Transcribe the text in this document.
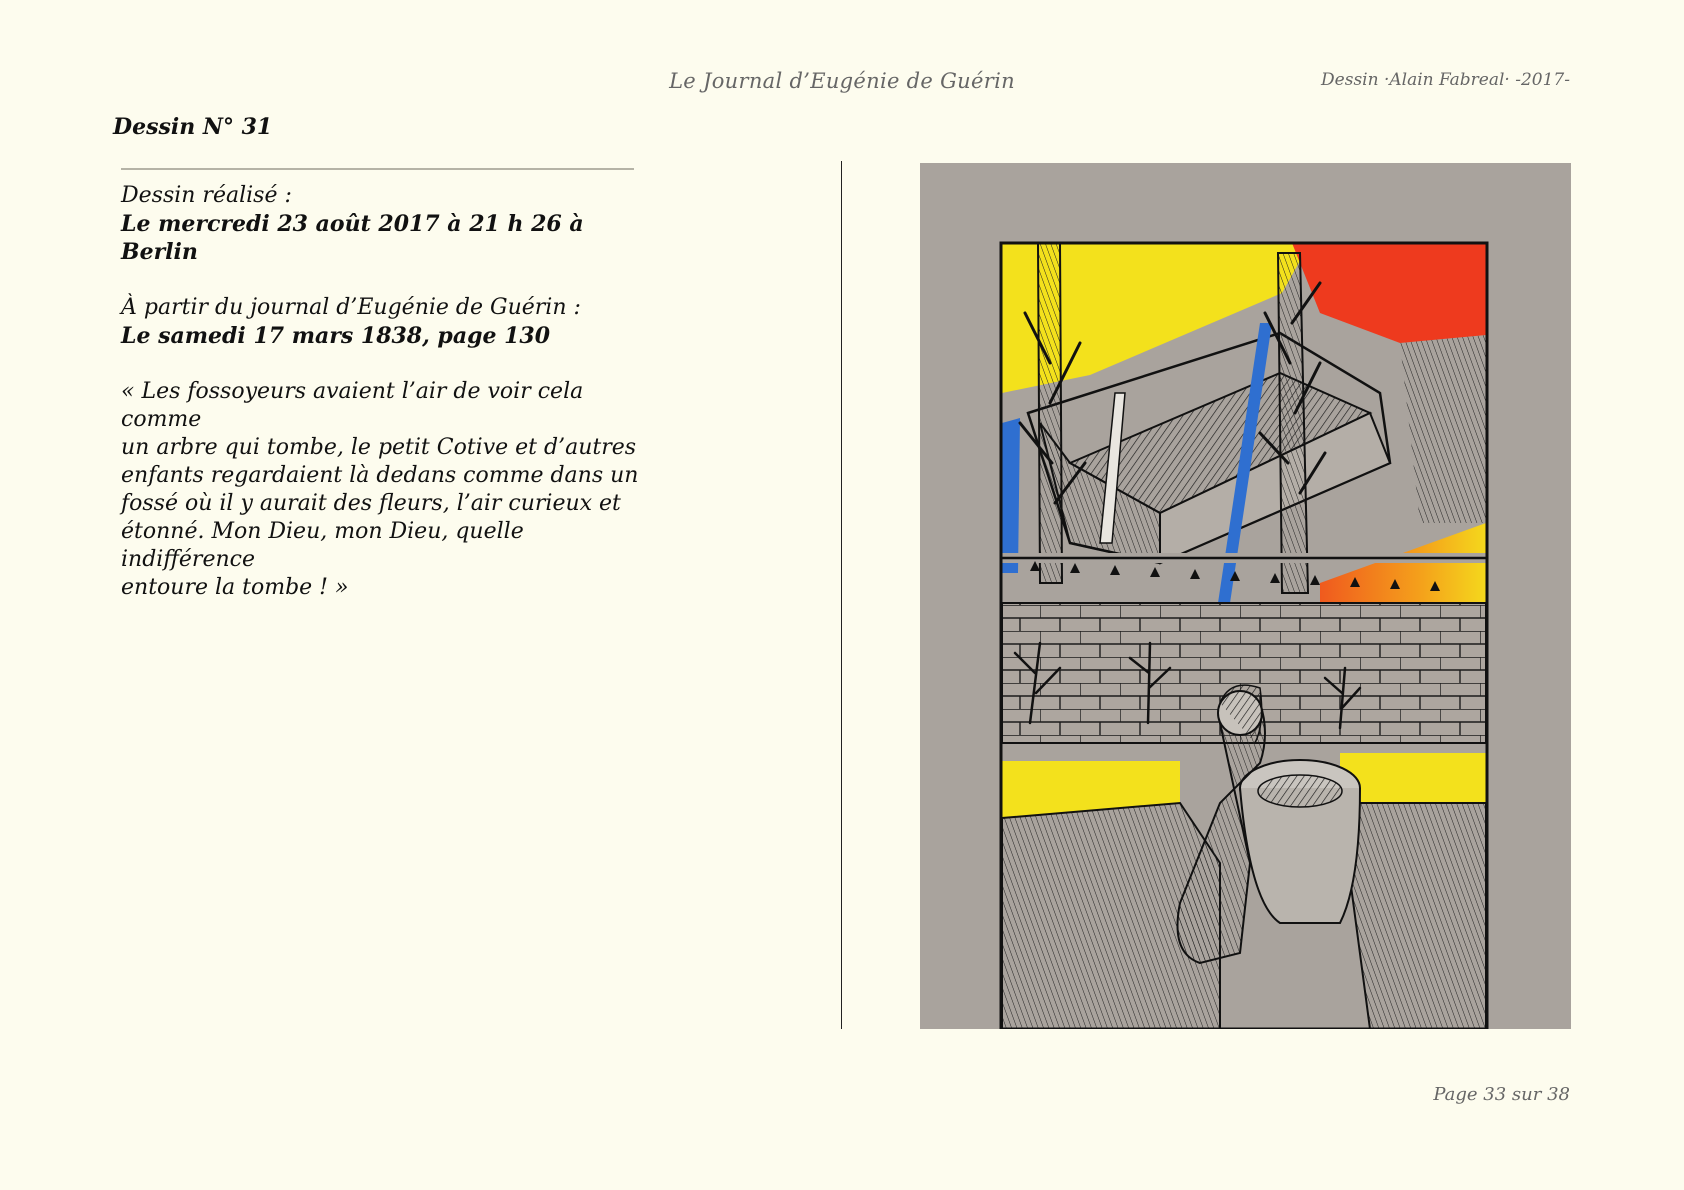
Le Journal d’Eugénie de Guérin	Dessin ·Alain Fabreal· -2017-
Dessin N° 31
Dessin réalisé :
Le mercredi 23 août 2017 à 21 h 26 à Berlin
À partir du journal d’Eugénie de Guérin :
Le samedi 17 mars 1838, page 130
« Les fossoyeurs avaient l’air de voir cela comme
un arbre qui tombe, le petit Cotive et d’autres
enfants regardaient là dedans comme dans un
fossé où il y aurait des fleurs, l’air curieux et
étonné. Mon Dieu, mon Dieu, quelle indifférence
entoure la tombe ! »
Page 33 sur 38
